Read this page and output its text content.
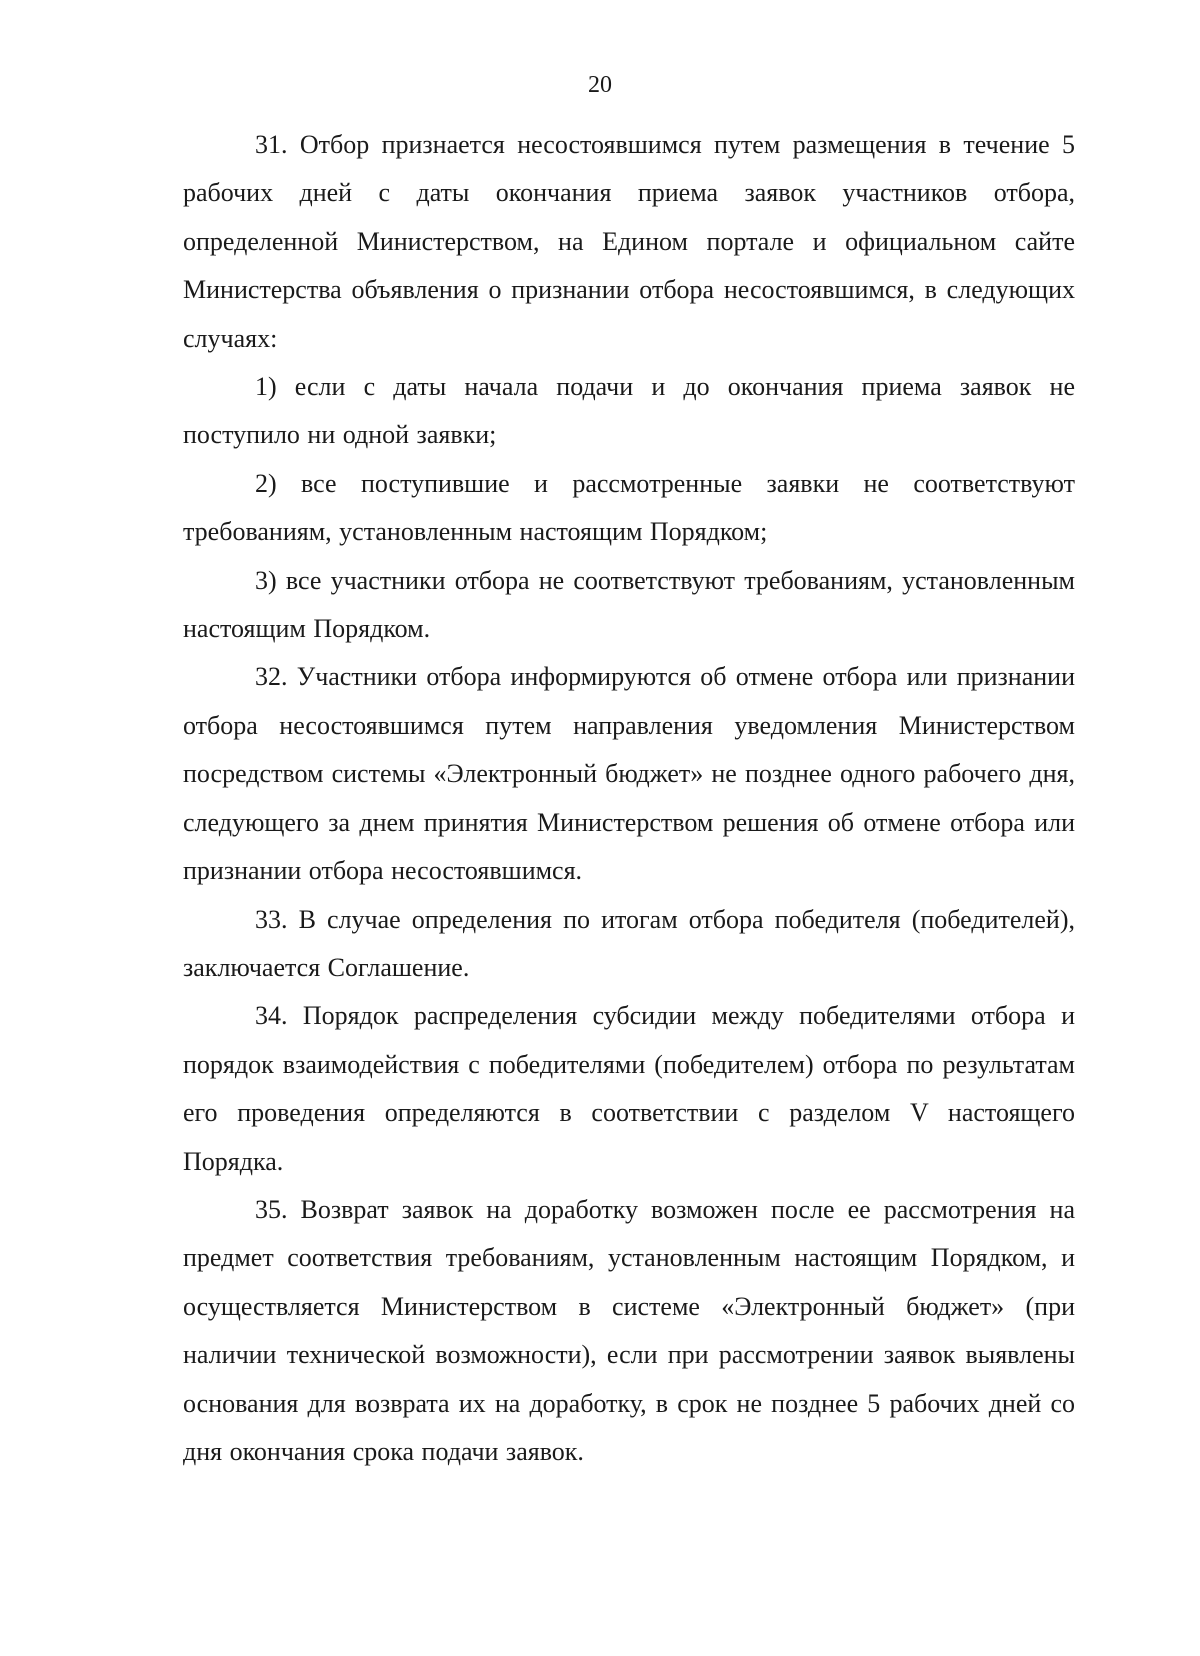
20

31. Отбор признается несостоявшимся путем размещения в течение 5 рабочих дней с даты окончания приема заявок участников отбора, определенной Министерством, на Едином портале и официальном сайте Министерства объявления о признании отбора несостоявшимся, в следующих случаях:

1) если с даты начала подачи и до окончания приема заявок не поступило ни одной заявки;

2) все поступившие и рассмотренные заявки не соответствуют требованиям, установленным настоящим Порядком;

3) все участники отбора не соответствуют требованиям, установленным настоящим Порядком.

32. Участники отбора информируются об отмене отбора или признании отбора несостоявшимся путем направления уведомления Министерством посредством системы «Электронный бюджет» не позднее одного рабочего дня, следующего за днем принятия Министерством решения об отмене отбора или признании отбора несостоявшимся.

33. В случае определения по итогам отбора победителя (победителей), заключается Соглашение.

34. Порядок распределения субсидии между победителями отбора и порядок взаимодействия с победителями (победителем) отбора по результатам его проведения определяются в соответствии с разделом V настоящего Порядка.

35. Возврат заявок на доработку возможен после ее рассмотрения на предмет соответствия требованиям, установленным настоящим Порядком, и осуществляется Министерством в системе «Электронный бюджет» (при наличии технической возможности), если при рассмотрении заявок выявлены основания для возврата их на доработку, в срок не позднее 5 рабочих дней со дня окончания срока подачи заявок.
